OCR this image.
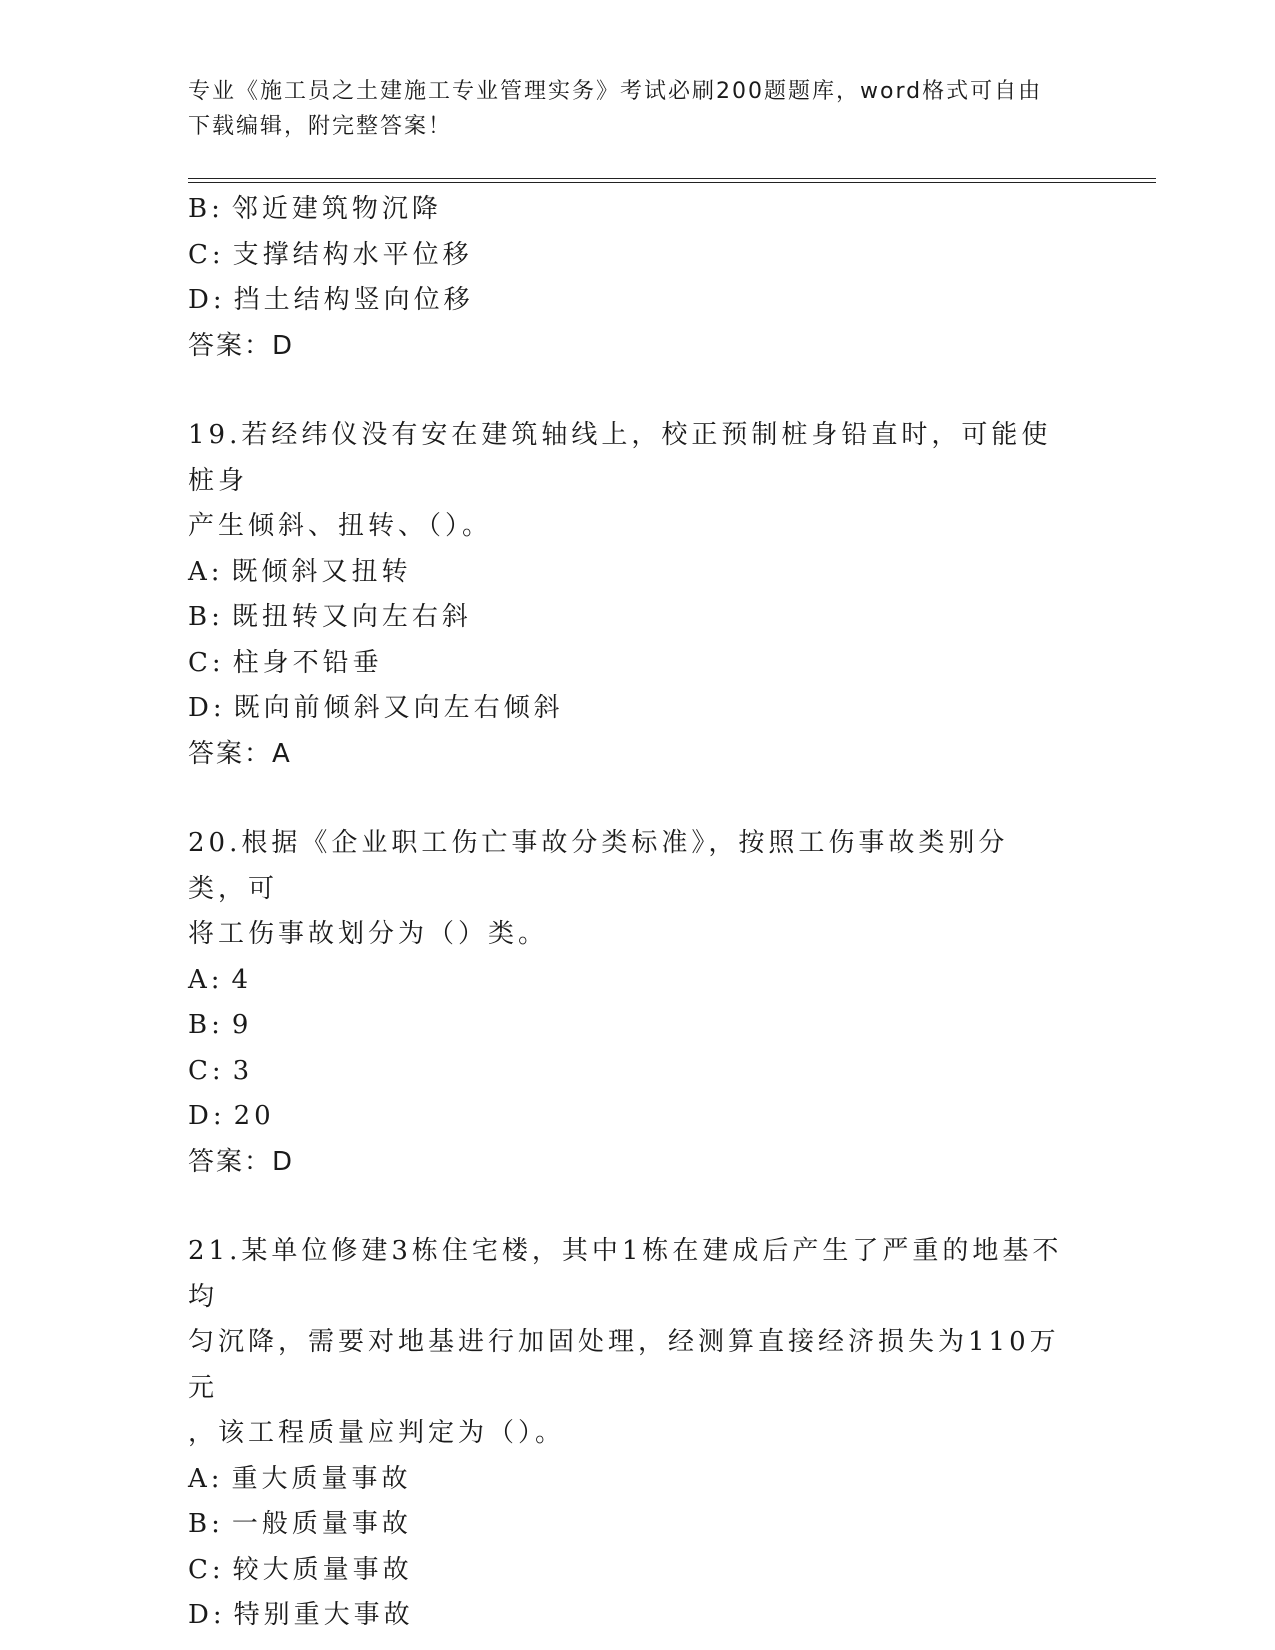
专业《施工员之土建施工专业管理实务》考试必刷200题题库，word格式可自由
下载编辑，附完整答案！
B: 邻近建筑物沉降
C: 支撑结构水平位移
D: 挡土结构竖向位移
答案：D
19.若经纬仪没有安在建筑轴线上，校正预制桩身铅直时，可能使桩身
产生倾斜、扭转、（）。
A: 既倾斜又扭转
B: 既扭转又向左右斜
C: 柱身不铅垂
D: 既向前倾斜又向左右倾斜
答案：A
20.根据《企业职工伤亡事故分类标准》，按照工伤事故类别分类，可
将工伤事故划分为（）类。
A: 4
B: 9
C: 3
D: 20
答案：D
21.某单位修建3栋住宅楼，其中1栋在建成后产生了严重的地基不均
匀沉降，需要对地基进行加固处理，经测算直接经济损失为110万元
，该工程质量应判定为（）。
A: 重大质量事故
B: 一般质量事故
C: 较大质量事故
D: 特别重大事故
